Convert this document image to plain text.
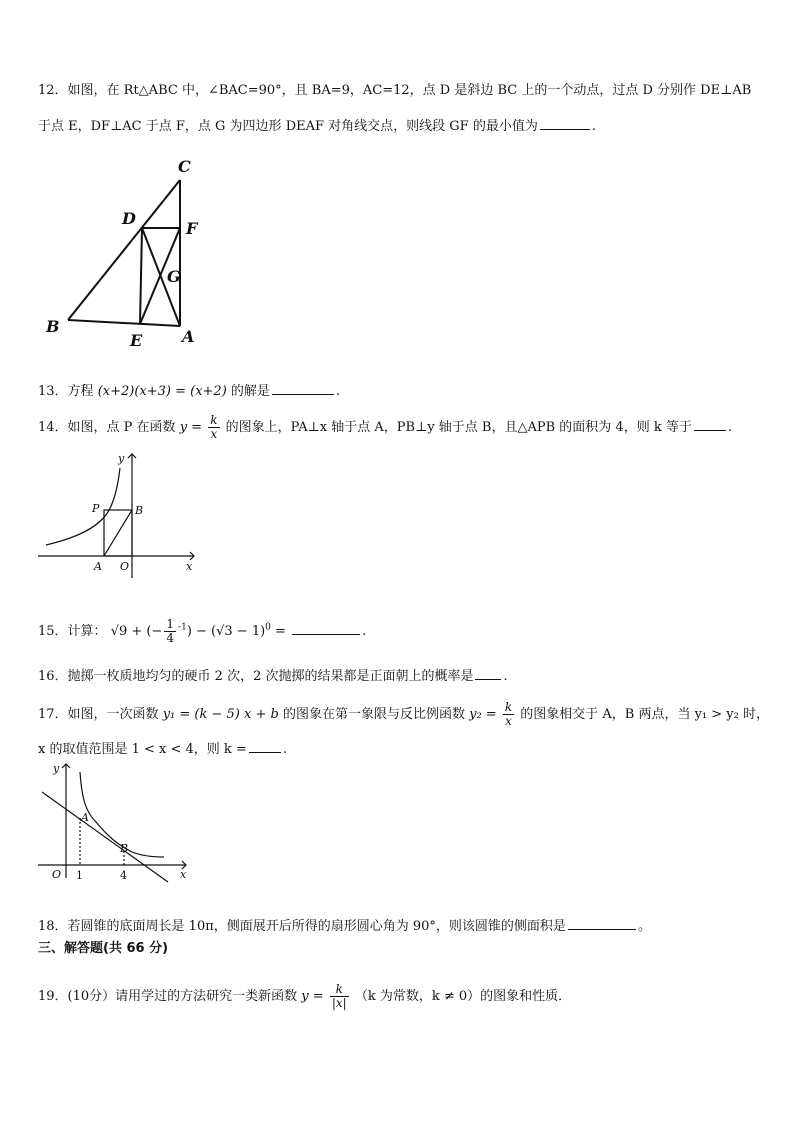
12．如图，在 Rt△ABC 中，∠BAC=90°，且 BA=9，AC=12，点 D 是斜边 BC 上的一个动点，过点 D 分别作 DE⊥AB
于点 E，DF⊥AC 于点 F，点 G 为四边形 DEAF 对角线交点，则线段 GF 的最小值为	.
C
D
F
G
B
E A
13．方程 (x+2)(x+3) = (x+2) 的解是	.
14．如图，点 P 在函数 $y = \frac{k}{x}$ 的图象上，PA⊥x 轴于点 A，PB⊥y 轴于点 B，且△APB 的面积为 4，则 k 等于	.
y
x
P	B
A O
15．计算： √9 + (− $\frac{1}{4} ^{-1}) - (√3 - 1)^0$ =	.
16．抛掷一枚质地均匀的硬币 2 次，2 次抛掷的结果都是正面朝上的概率是 .
17．如图，一次函数 y₁ = (k − 5) x + b 的图象在第一象限与反比例函数 $y_2 = \frac{k}{x}$ 的图象相交于 A，B 两点，当 y₁ > y₂ 时，
x 的取值范围是 1 < x < 4，则 k =	.
y
x
O
A
B
1	4
18．若圆锥的底面周长是 10π，侧面展开后所得的扇形圆心角为 90°，则该圆锥的侧面积是	。
三、解答题(共 66 分)
19．(10分）请用学过的方法研究一类新函数 $y = \frac{k}{|x|} (k$ 为常数，k ≠ 0）的图象和性质．
